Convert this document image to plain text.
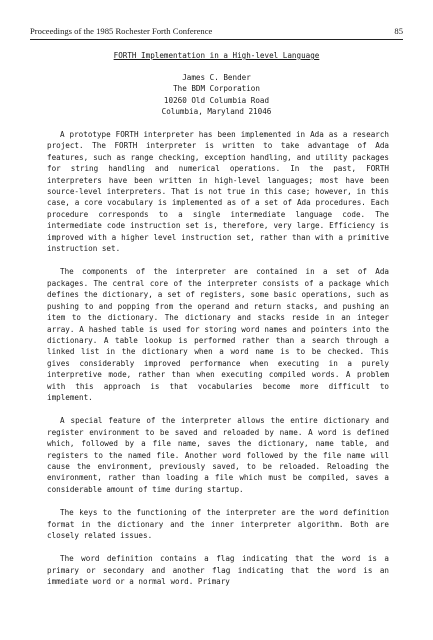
Proceedings of the 1985 Rochester Forth Conference	85
FORTH Implementation in a High-level Language
James C. Bender
The BDM Corporation
10260 Old Columbia Road
Columbia, Maryland 21046

A prototype FORTH interpreter has been implemented in Ada as a research project. The FORTH interpreter is written to take advantage of Ada features, such as range checking, exception handling, and utility packages for string handling and numerical operations. In the past, FORTH interpreters have been written in high-level languages; most have been source-level interpreters. That is not true in this case; however, in this case, a core vocabulary is implemented as of a set of Ada procedures. Each procedure corresponds to a single intermediate language code. The intermediate code instruction set is, therefore, very large. Efficiency is improved with a higher level instruction set, rather than with a primitive instruction set.

The components of the interpreter are contained in a set of Ada packages. The central core of the interpreter consists of a package which defines the dictionary, a set of registers, some basic operations, such as pushing to and popping from the operand and return stacks, and pushing an item to the dictionary. The dictionary and stacks reside in an integer array. A hashed table is used for storing word names and pointers into the dictionary. A table lookup is performed rather than a search through a linked list in the dictionary when a word name is to be checked. This gives considerably improved performance when executing in a purely interpretive mode, rather than when executing compiled words. A problem with this approach is that vocabularies become more difficult to implement.

A special feature of the interpreter allows the entire dictionary and register environment to be saved and reloaded by name. A word is defined which, followed by a file name, saves the dictionary, name table, and registers to the named file. Another word followed by the file name will cause the environment, previously saved, to be reloaded. Reloading the environment, rather than loading a file which must be compiled, saves a considerable amount of time during startup.

The keys to the functioning of the interpreter are the word definition format in the dictionary and the inner interpreter algorithm. Both are closely related issues.

The word definition contains a flag indicating that the word is a primary or secondary and another flag indicating that the word is an immediate word or a normal word. Primary
